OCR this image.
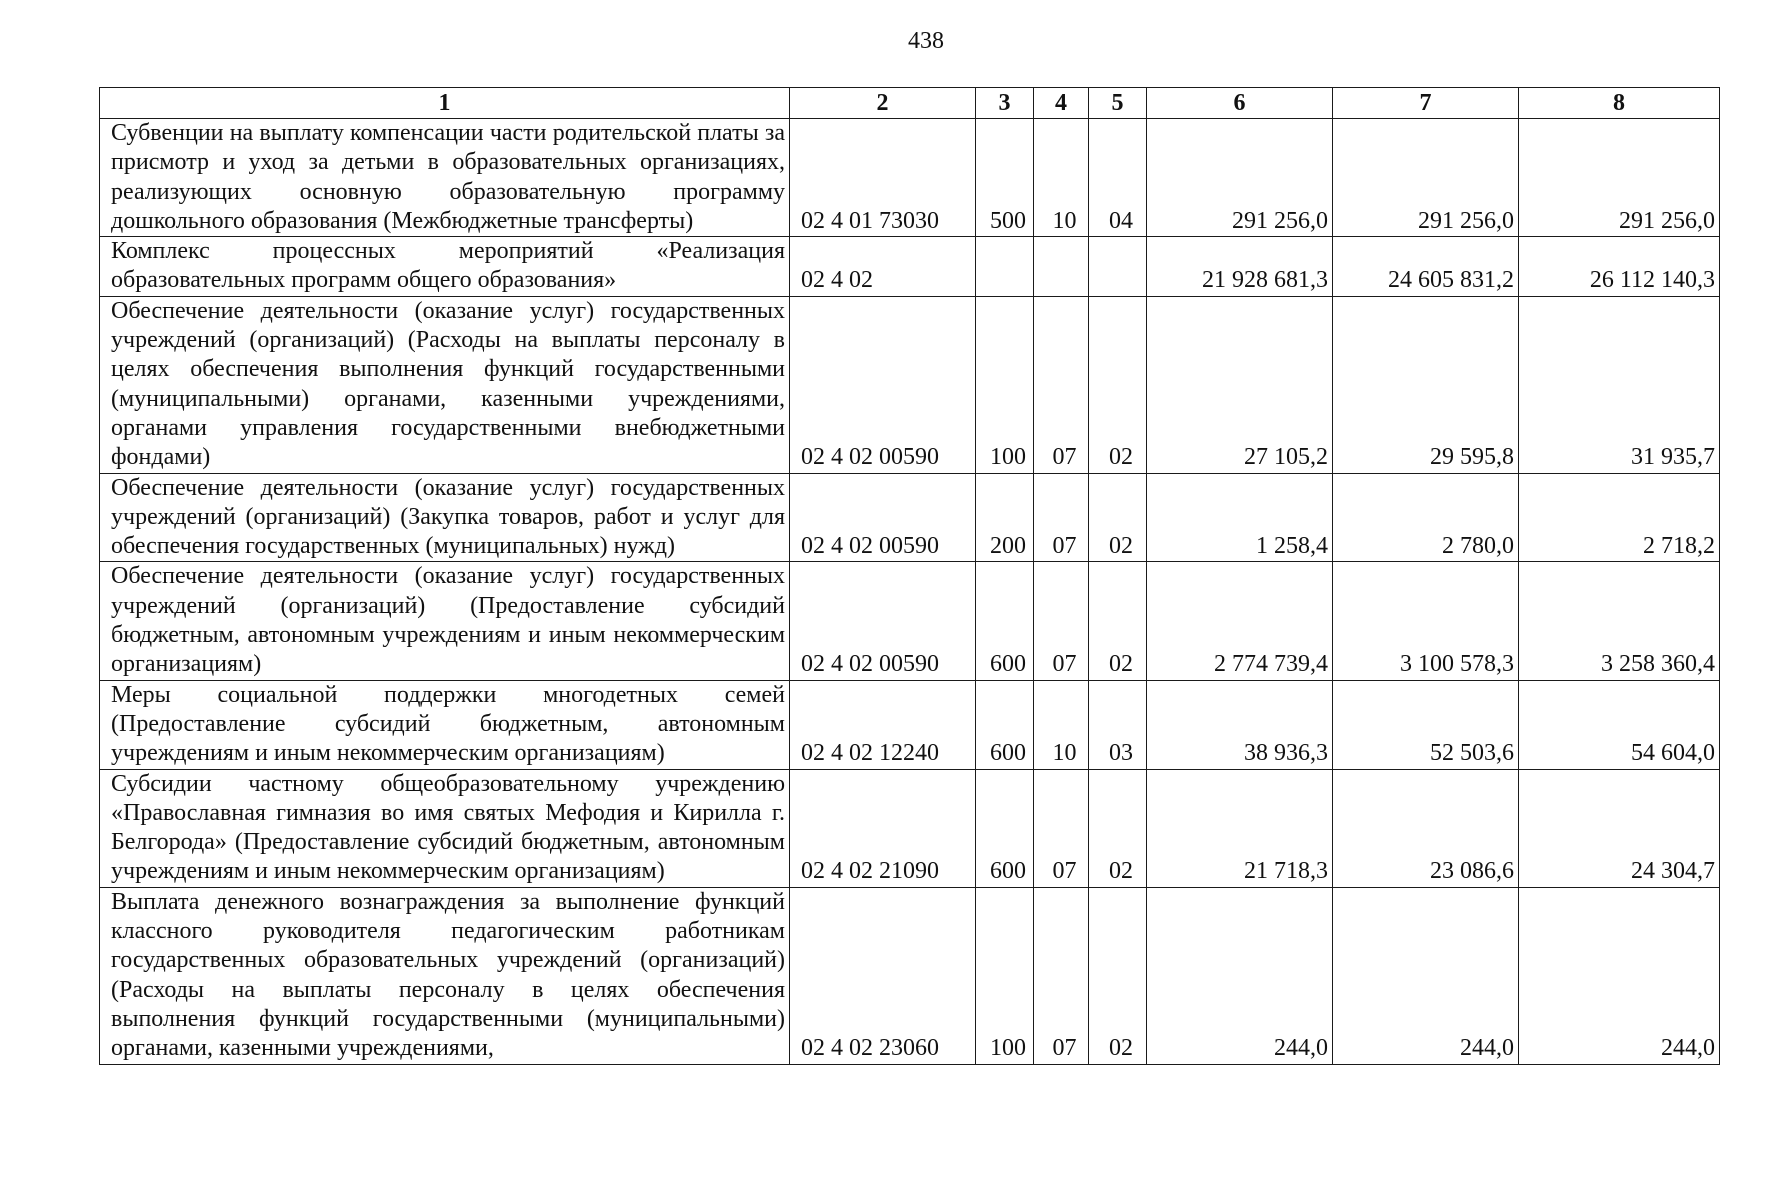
438
1	2	3	4	5	6	7	8
Субвенции на выплату компенсации части родительской платы за присмотр и уход за детьми в образовательных организациях, реализующих основную образовательную программу дошкольного образования (Межбюджетные трансферты)	02 4 01 73030	500	10	04	291 256,0	291 256,0	291 256,0
Комплекс процессных мероприятий «Реализация образовательных программ общего образования»	02 4 02				21 928 681,3	24 605 831,2	26 112 140,3
Обеспечение деятельности (оказание услуг) государственных учреждений (организаций) (Расходы на выплаты персоналу в целях обеспечения выполнения функций государственными (муниципальными) органами, казенными учреждениями, органами управления государственными внебюджетными фондами)	02 4 02 00590	100	07	02	27 105,2	29 595,8	31 935,7
Обеспечение деятельности (оказание услуг) государственных учреждений (организаций) (Закупка товаров, работ и услуг для обеспечения государственных (муниципальных) нужд)	02 4 02 00590	200	07	02	1 258,4	2 780,0	2 718,2
Обеспечение деятельности (оказание услуг) государственных учреждений (организаций) (Предоставление субсидий бюджетным, автономным учреждениям и иным некоммерческим организациям)	02 4 02 00590	600	07	02	2 774 739,4	3 100 578,3	3 258 360,4
Меры социальной поддержки многодетных семей (Предоставление субсидий бюджетным, автономным учреждениям и иным некоммерческим организациям)	02 4 02 12240	600	10	03	38 936,3	52 503,6	54 604,0
Субсидии частному общеобразовательному учреждению «Православная гимназия во имя святых Мефодия и Кирилла г. Белгорода» (Предоставление субсидий бюджетным, автономным учреждениям и иным некоммерческим организациям)	02 4 02 21090	600	07	02	21 718,3	23 086,6	24 304,7
Выплата денежного вознаграждения за выполнение функций классного руководителя педагогическим работникам государственных образовательных учреждений (организаций) (Расходы на выплаты персоналу в целях обеспечения выполнения функций государственными (муниципальными) органами, казенными учреждениями,	02 4 02 23060	100	07	02	244,0	244,0	244,0
